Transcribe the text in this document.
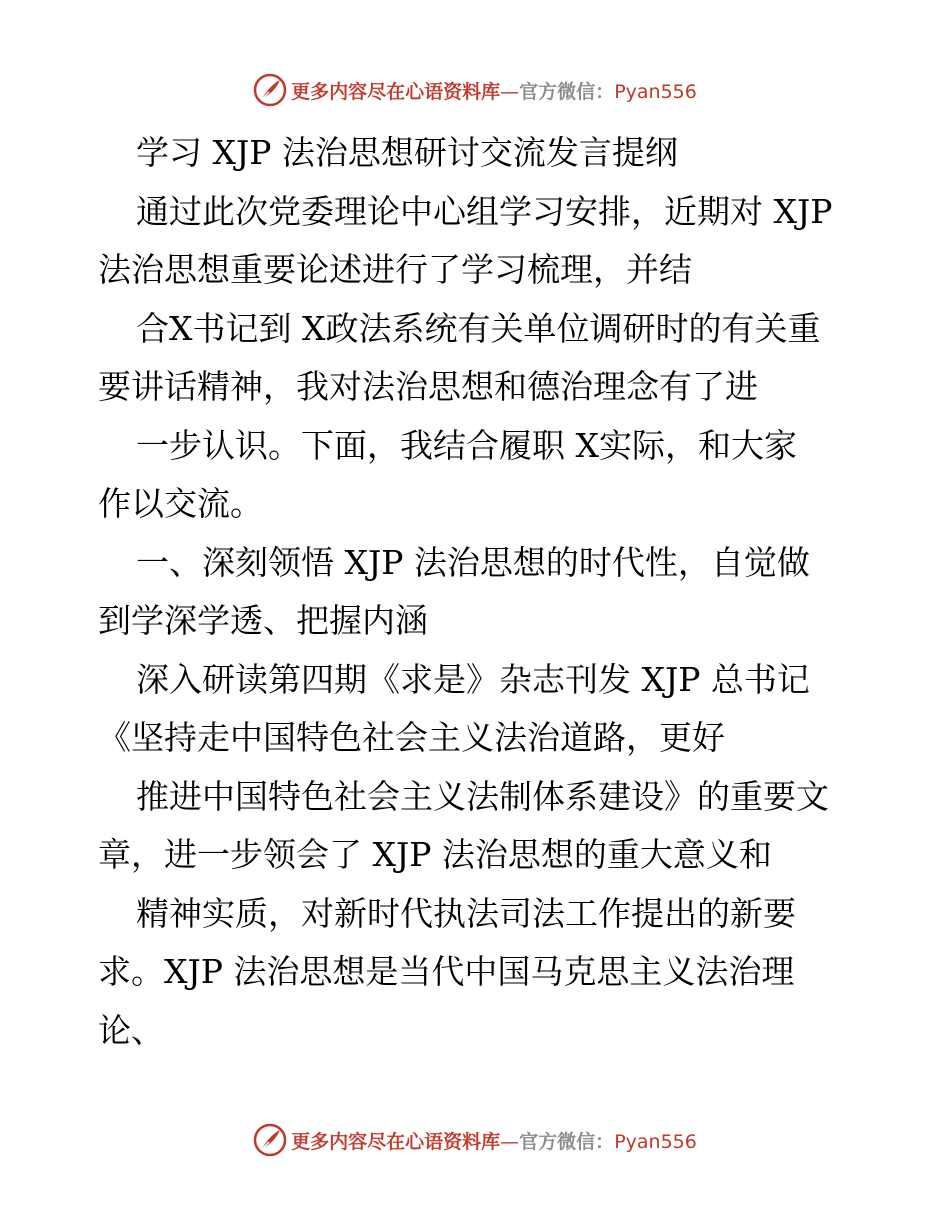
更多内容尽在心语资料库—官方微信：Pyan556
学习 XJP 法治思想研讨交流发言提纲
通过此次党委理论中心组学习安排，近期对 XJP
法治思想重要论述进行了学习梳理，并结
合X书记到 X政法系统有关单位调研时的有关重
要讲话精神，我对法治思想和德治理念有了进
一步认识。下面，我结合履职 X实际，和大家
作以交流。
一、深刻领悟 XJP 法治思想的时代性，自觉做
到学深学透、把握内涵
深入研读第四期《求是》杂志刊发 XJP 总书记
《坚持走中国特色社会主义法治道路，更好
推进中国特色社会主义法制体系建设》的重要文
章，进一步领会了 XJP 法治思想的重大意义和
精神实质，对新时代执法司法工作提出的新要
求。XJP 法治思想是当代中国马克思主义法治理
论、
更多内容尽在心语资料库—官方微信：Pyan556
